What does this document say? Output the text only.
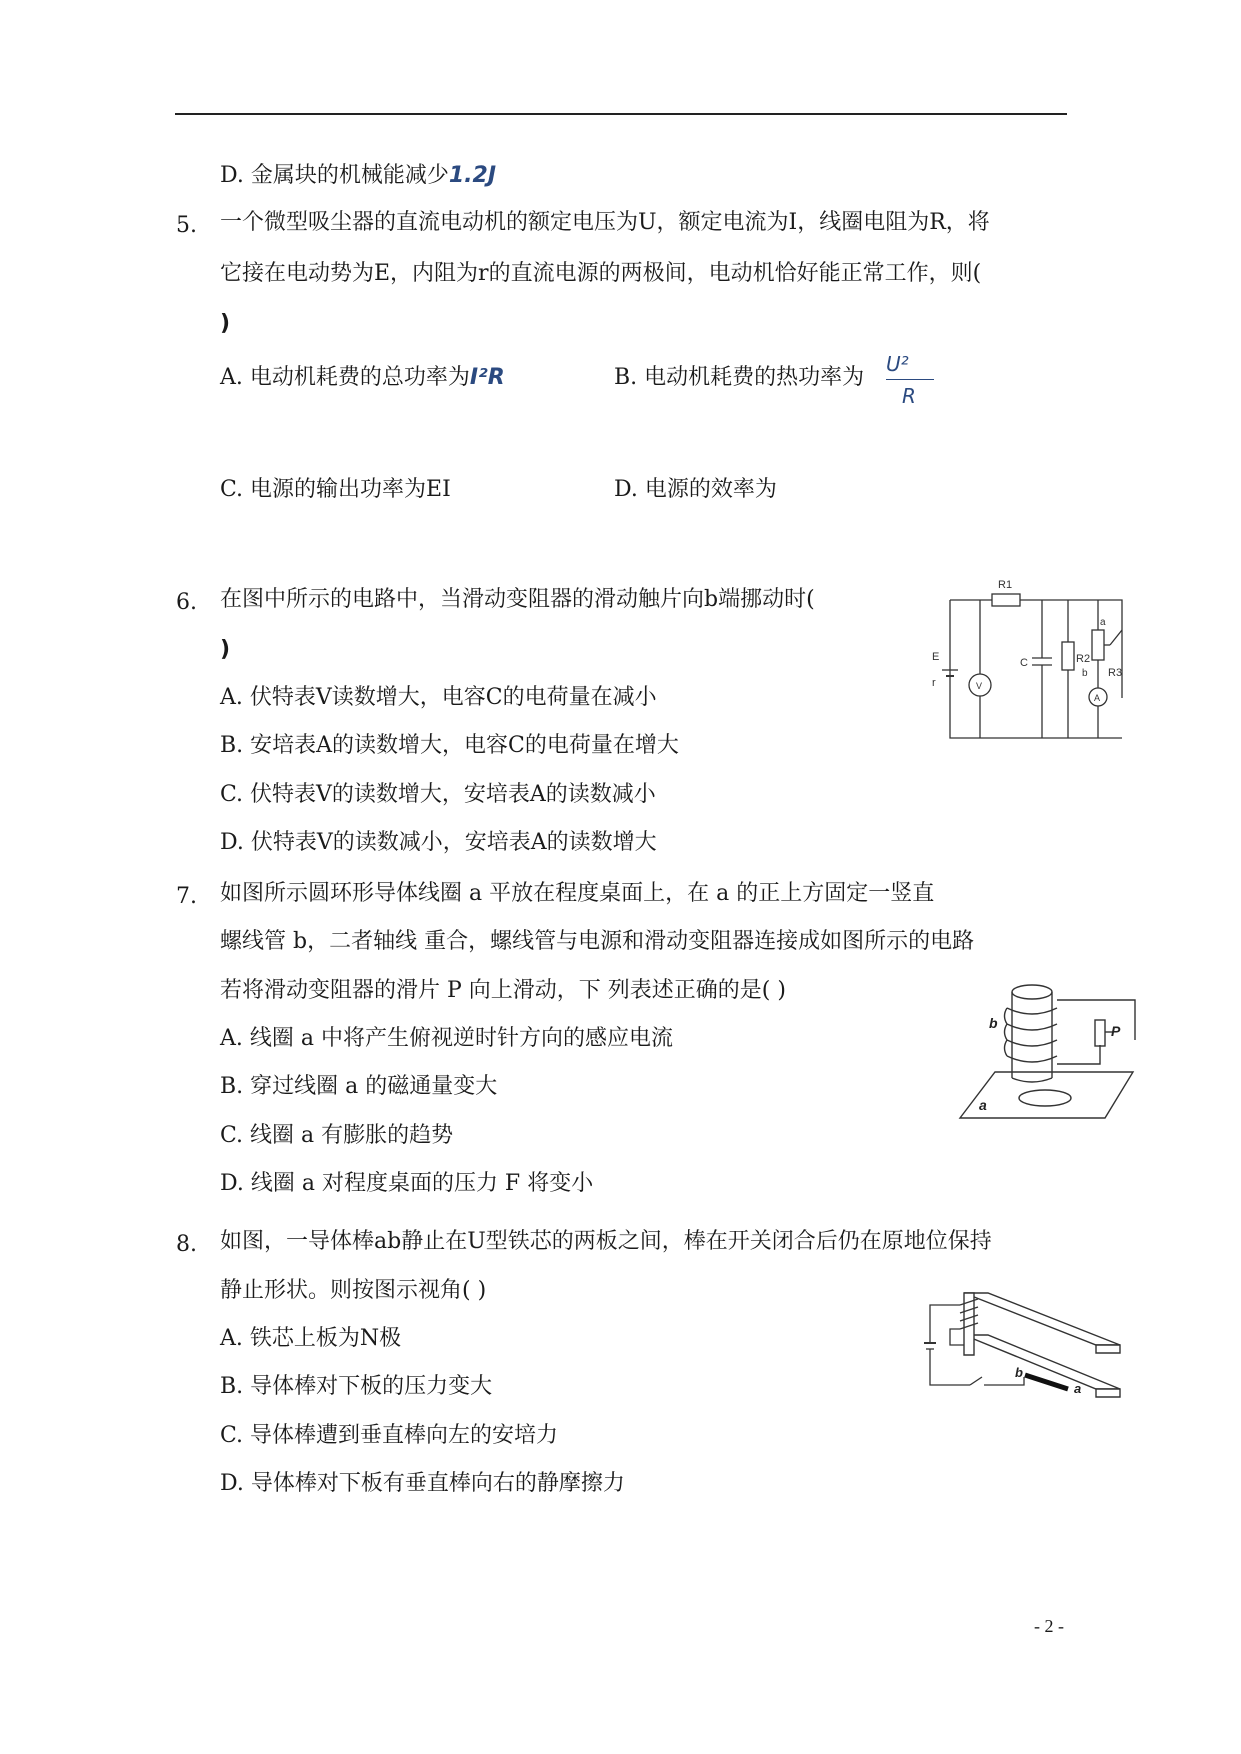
D. 金属块的机械能减少1.2J
5. 一个微型吸尘器的直流电动机的额定电压为U，额定电流为I，线圈电阻为R，将
它接在电动势为E，内阻为r的直流电源的两极间，电动机恰好能正常工作，则(
)
A. 电动机耗费的总功率为I²R	B. 电动机耗费的热功率为
U²
R
C. 电源的输出功率为EI	D. 电源的效率为
6. 在图中所示的电路中，当滑动变阻器的滑动触片向b端挪动时(
)
A. 伏特表V读数增大，电容C的电荷量在减小
B. 安培表A的读数增大，电容C的电荷量在增大
C. 伏特表V的读数增大，安培表A的读数减小
D. 伏特表V的读数减小，安培表A的读数增大
R1
E
r	V
C	R2
a
b R3
A
7. 如图所示圆环形导体线圈 a 平放在程度桌面上，在 a 的正上方固定一竖直
螺线管 b，二者轴线 重合，螺线管与电源和滑动变阻器连接成如图所示的电路
若将滑动变阻器的滑片 P 向上滑动，下 列表述正确的是( )
A. 线圈 a 中将产生俯视逆时针方向的感应电流
B. 穿过线圈 a 的磁通量变大
C. 线圈 a 有膨胀的趋势
D. 线圈 a 对程度桌面的压力 F 将变小
b	P
a
8. 如图，一导体棒ab静止在U型铁芯的两板之间，棒在开关闭合后仍在原地位保持
静止形状。则按图示视角( )
A. 铁芯上板为N极
B. 导体棒对下板的压力变大
C. 导体棒遭到垂直棒向左的安培力
D. 导体棒对下板有垂直棒向右的静摩擦力
b
a
- 2 -
